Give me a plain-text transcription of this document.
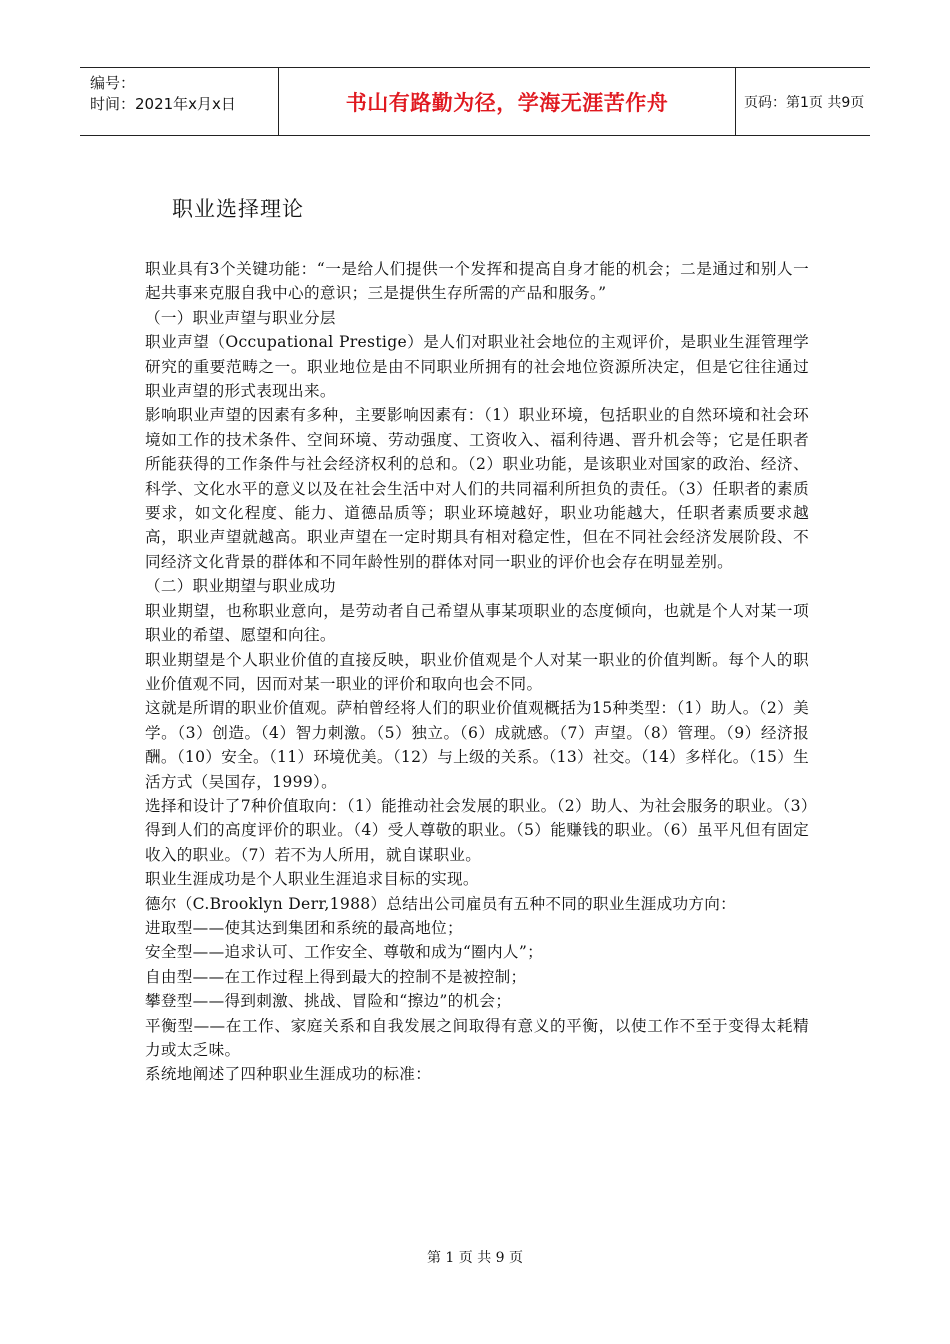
编号：
时间：2021年x月x日	书山有路勤为径，学海无涯苦作舟	页码：第1页 共9页
职业选择理论

职业具有3个关键功能：“一是给人们提供一个发挥和提高自身才能的机会；二是通过和别人一起共事来克服自我中心的意识；三是提供生存所需的产品和服务。”

（一）职业声望与职业分层

职业声望（Occupational Prestige）是人们对职业社会地位的主观评价，是职业生涯管理学研究的重要范畴之一。职业地位是由不同职业所拥有的社会地位资源所决定，但是它往往通过职业声望的形式表现出来。

影响职业声望的因素有多种，主要影响因素有：（1）职业环境，包括职业的自然环境和社会环境如工作的技术条件、空间环境、劳动强度、工资收入、福利待遇、晋升机会等；它是任职者所能获得的工作条件与社会经济权利的总和。（2）职业功能，是该职业对国家的政治、经济、科学、文化水平的意义以及在社会生活中对人们的共同福利所担负的责任。（3）任职者的素质要求，如文化程度、能力、道德品质等；职业环境越好，职业功能越大，任职者素质要求越高，职业声望就越高。职业声望在一定时期具有相对稳定性，但在不同社会经济发展阶段、不同经济文化背景的群体和不同年龄性别的群体对同一职业的评价也会存在明显差别。

（二）职业期望与职业成功

职业期望，也称职业意向，是劳动者自己希望从事某项职业的态度倾向，也就是个人对某一项职业的希望、愿望和向往。

职业期望是个人职业价值的直接反映，职业价值观是个人对某一职业的价值判断。每个人的职业价值观不同，因而对某一职业的评价和取向也会不同。

这就是所谓的职业价值观。萨柏曾经将人们的职业价值观概括为15种类型：（1）助人。（2）美学。（3）创造。（4）智力刺激。（5）独立。（6）成就感。（7）声望。（8）管理。（9）经济报酬。（10）安全。（11）环境优美。（12）与上级的关系。（13）社交。（14）多样化。（15）生活方式（吴国存，1999）。

选择和设计了7种价值取向：（1）能推动社会发展的职业。（2）助人、为社会服务的职业。（3）得到人们的高度评价的职业。（4）受人尊敬的职业。（5）能赚钱的职业。（6）虽平凡但有固定收入的职业。（7）若不为人所用，就自谋职业。

职业生涯成功是个人职业生涯追求目标的实现。

德尔（C.Brooklyn Derr,1988）总结出公司雇员有五种不同的职业生涯成功方向：

进取型——使其达到集团和系统的最高地位；

安全型——追求认可、工作安全、尊敬和成为“圈内人”；

自由型——在工作过程上得到最大的控制不是被控制；

攀登型——得到刺激、挑战、冒险和“擦边”的机会；

平衡型——在工作、家庭关系和自我发展之间取得有意义的平衡，以使工作不至于变得太耗精力或太乏味。

系统地阐述了四种职业生涯成功的标准：

第 1 页 共 9 页
